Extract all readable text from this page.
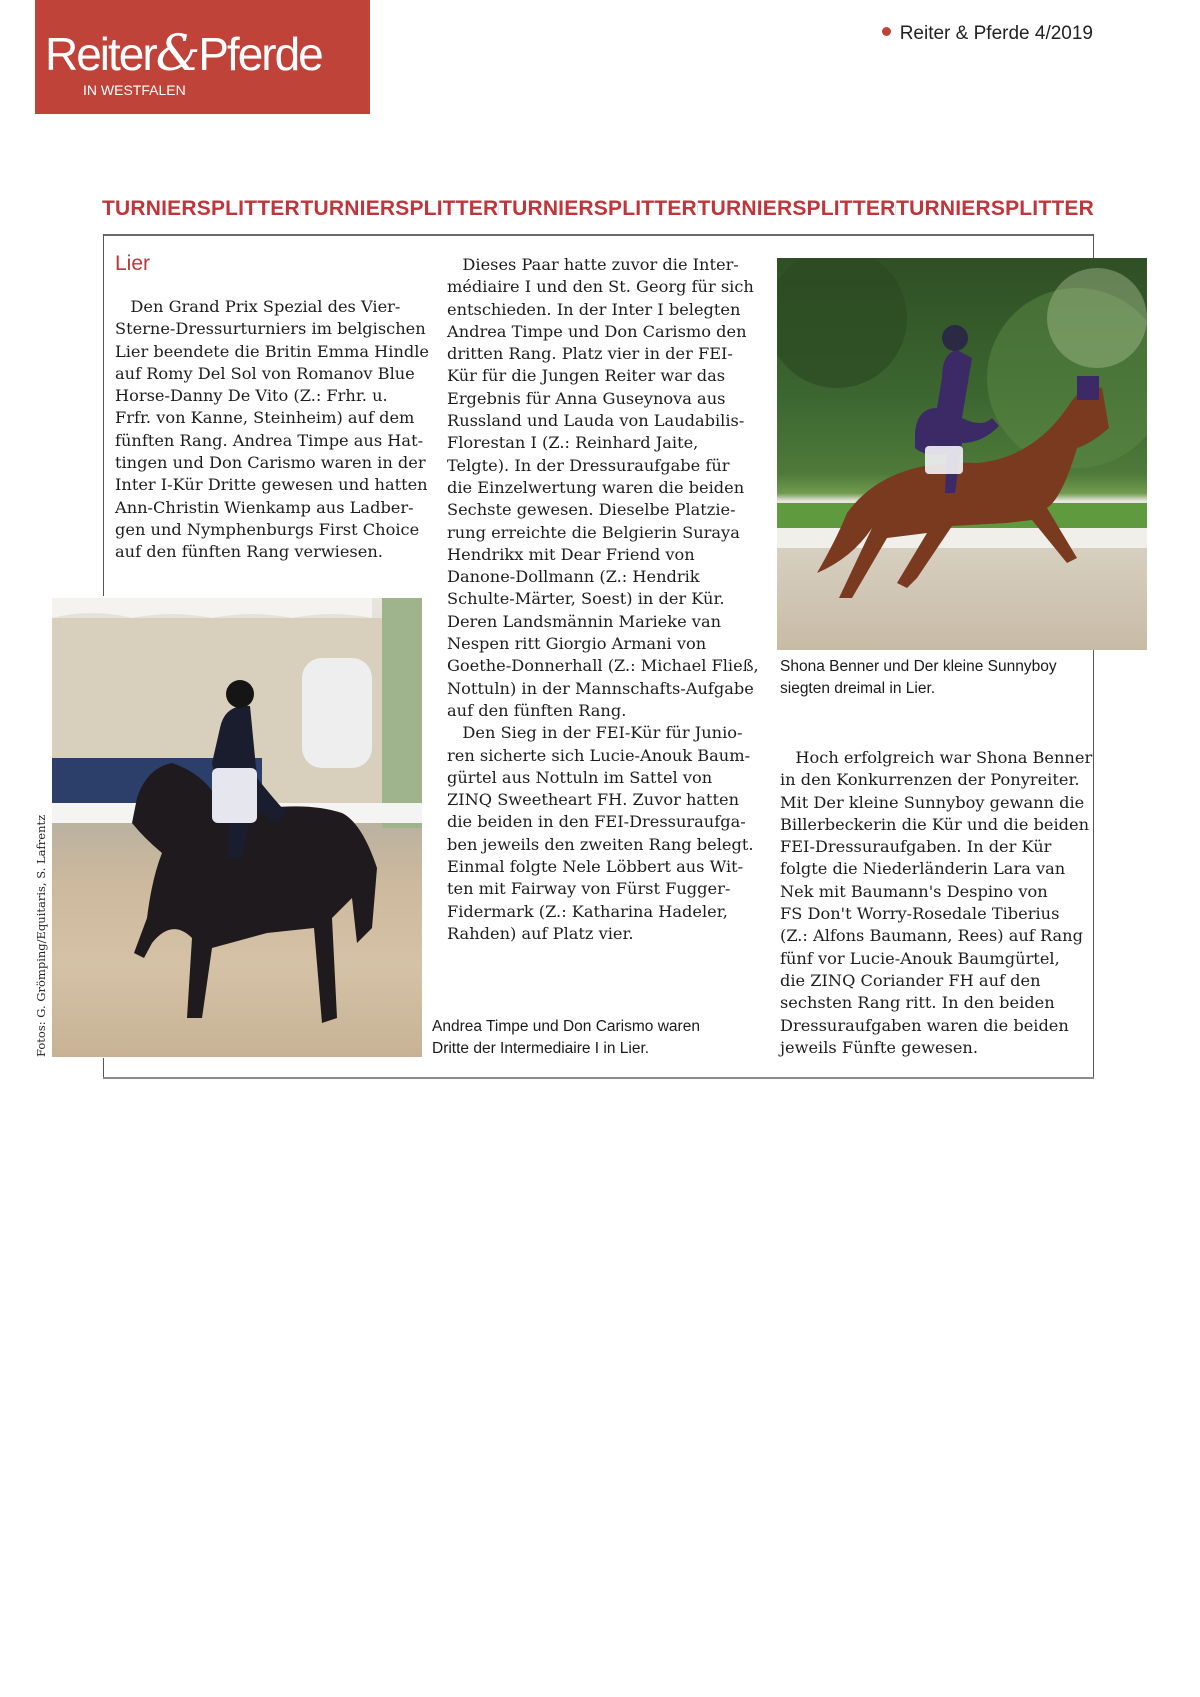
Reiter&Pferde
IN WESTFALEN
Reiter & Pferde 4/2019
TURNIERSPLITTER TURNIERSPLITTER TURNIERSPLITTER TURNIERSPLITTER TURNIERSPLITTER
Lier
Den Grand Prix Spezial des Vier-
Sterne-Dressurturniers im belgischen
Lier beendete die Britin Emma Hindle
auf Romy Del Sol von Romanov Blue
Horse-Danny De Vito (Z.: Frhr. u.
Frfr. von Kanne, Steinheim) auf dem
fünften Rang. Andrea Timpe aus Hat-
tingen und Don Carismo waren in der
Inter I-Kür Dritte gewesen und hatten
Ann-Christin Wienkamp aus Ladber-
gen und Nymphenburgs First Choice
auf den fünften Rang verwiesen.
Dieses Paar hatte zuvor die Inter-
médiaire I und den St. Georg für sich
entschieden. In der Inter I belegten
Andrea Timpe und Don Carismo den
dritten Rang. Platz vier in der FEI-
Kür für die Jungen Reiter war das
Ergebnis für Anna Guseynova aus
Russland und Lauda von Laudabilis-
Florestan I (Z.: Reinhard Jaite,
Telgte). In der Dressuraufgabe für
die Einzelwertung waren die beiden
Sechste gewesen. Dieselbe Platzie-
rung erreichte die Belgierin Suraya
Hendrikx mit Dear Friend von
Danone-Dollmann (Z.: Hendrik
Schulte-Märter, Soest) in der Kür.
Deren Landsmännin Marieke van
Nespen ritt Giorgio Armani von
Goethe-Donnerhall (Z.: Michael Fließ,
Nottuln) in der Mannschafts-Aufgabe
auf den fünften Rang.
Den Sieg in der FEI-Kür für Junio-
ren sicherte sich Lucie-Anouk Baum-
gürtel aus Nottuln im Sattel von
ZINQ Sweetheart FH. Zuvor hatten
die beiden in den FEI-Dressuraufga-
ben jeweils den zweiten Rang belegt.
Einmal folgte Nele Löbbert aus Wit-
ten mit Fairway von Fürst Fugger-
Fidermark (Z.: Katharina Hadeler,
Rahden) auf Platz vier.
Hoch erfolgreich war Shona Benner
in den Konkurrenzen der Ponyreiter.
Mit Der kleine Sunnyboy gewann die
Billerbeckerin die Kür und die beiden
FEI-Dressuraufgaben. In der Kür
folgte die Niederländerin Lara van
Nek mit Baumann's Despino von
FS Don't Worry-Rosedale Tiberius
(Z.: Alfons Baumann, Rees) auf Rang
fünf vor Lucie-Anouk Baumgürtel,
die ZINQ Coriander FH auf den
sechsten Rang ritt. In den beiden
Dressuraufgaben waren die beiden
jeweils Fünfte gewesen.
Shona Benner und Der kleine Sunnyboy
siegten dreimal in Lier.
Andrea Timpe und Don Carismo waren
Dritte der Intermediaire I in Lier.
Fotos: G. Grömping/Equitaris, S. Lafrentz
